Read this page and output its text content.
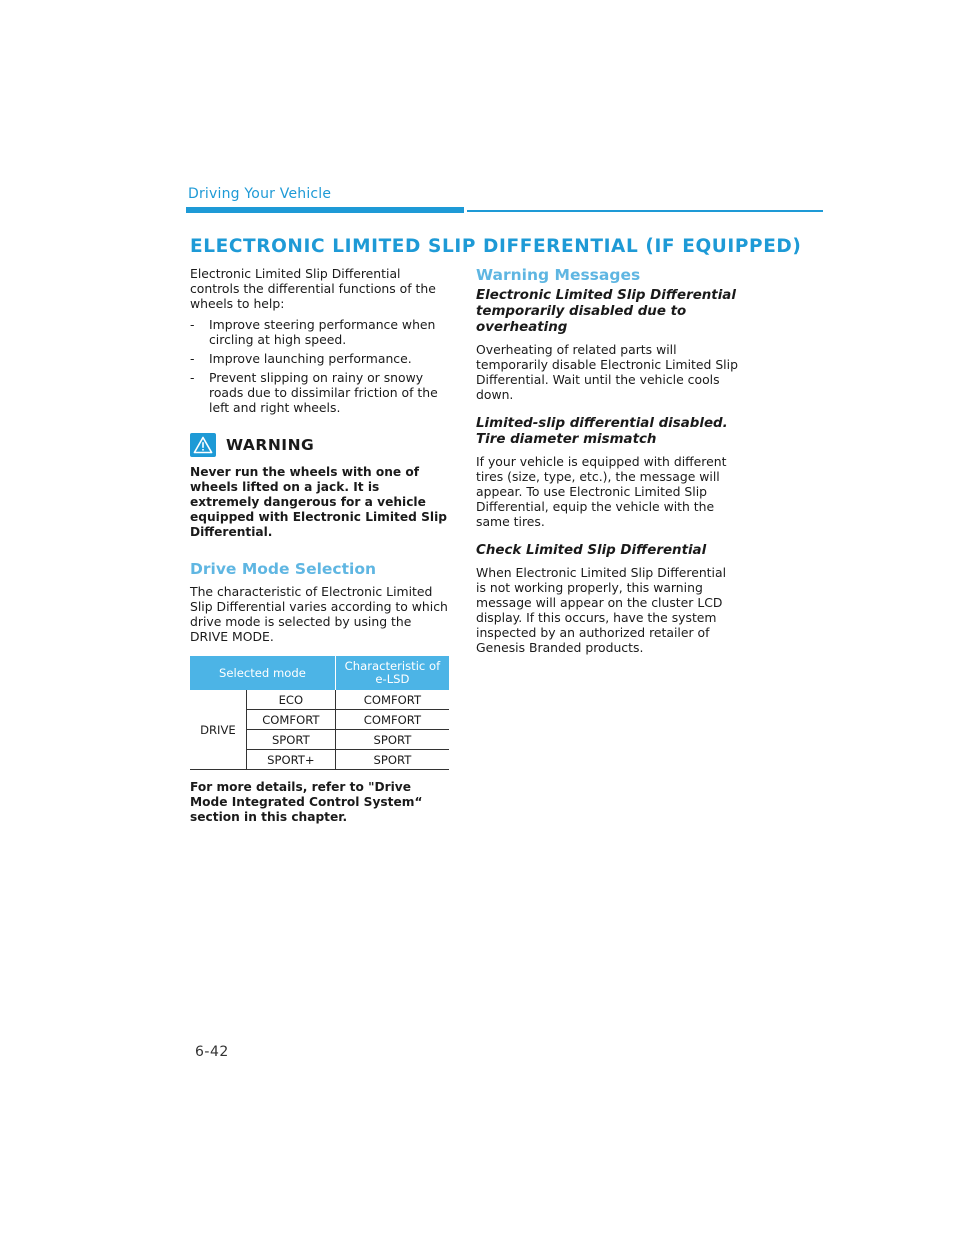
Driving Your Vehicle
ELECTRONIC LIMITED SLIP DIFFERENTIAL (IF EQUIPPED)

Electronic Limited Slip Differential controls the differential functions of the wheels to help:

- Improve steering performance when circling at high speed.
- Improve launching performance.
- Prevent slipping on rainy or snowy roads due to dissimilar friction of the left and right wheels.
WARNING

Never run the wheels with one of wheels lifted on a jack. It is extremely dangerous for a vehicle equipped with Electronic Limited Slip Differential.

Drive Mode Selection

The characteristic of Electronic Limited Slip Differential varies according to which drive mode is selected by using the DRIVE MODE.

Selected mode		Characteristic of e-LSD
DRIVE	ECO	COMFORT
	COMFORT	COMFORT
	SPORT	SPORT
	SPORT+	SPORT

For more details, refer to "Drive Mode Integrated Control System“ section in this chapter.

Warning Messages
Electronic Limited Slip Differential temporarily disabled due to overheating

Overheating of related parts will temporarily disable Electronic Limited Slip Differential. Wait until the vehicle cools down.

Limited-slip differential disabled. Tire diameter mismatch

If your vehicle is equipped with different tires (size, type, etc.), the message will appear. To use Electronic Limited Slip Differential, equip the vehicle with the same tires.

Check Limited Slip Differential

When Electronic Limited Slip Differential is not working properly, this warning message will appear on the cluster LCD display. If this occurs, have the system inspected by an authorized retailer of Genesis Branded products.

6-42
